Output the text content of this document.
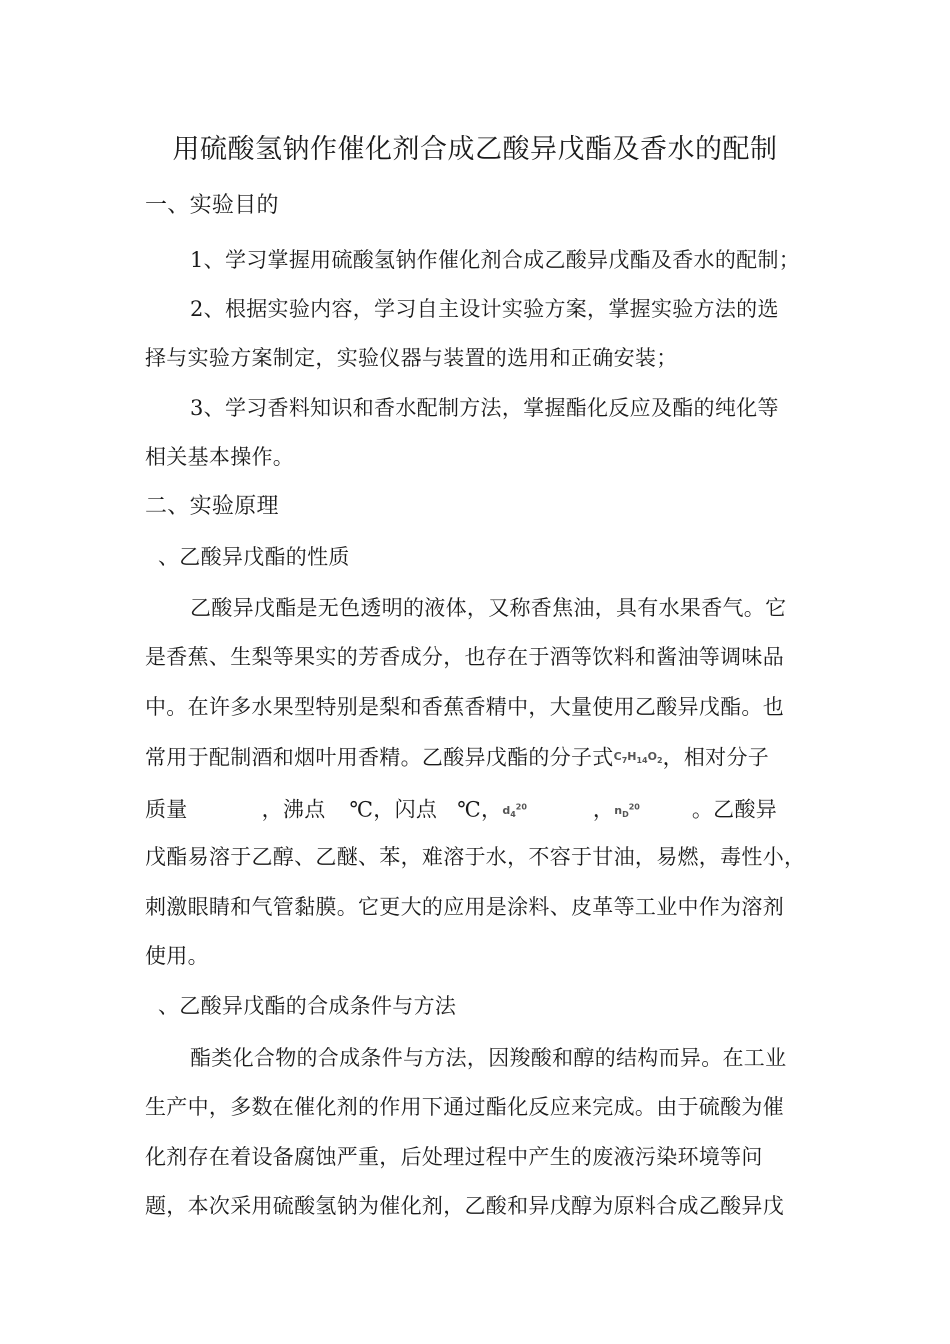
用硫酸氢钠作催化剂合成乙酸异戊酯及香水的配制
一、实验目的
1、学习掌握用硫酸氢钠作催化剂合成乙酸异戊酯及香水的配制；
2、根据实验内容，学习自主设计实验方案，掌握实验方法的选
择与实验方案制定，实验仪器与装置的选用和正确安装；
3、学习香料知识和香水配制方法，掌握酯化反应及酯的纯化等
相关基本操作。
二、实验原理
、乙酸异戊酯的性质
乙酸异戊酯是无色透明的液体，又称香焦油，具有水果香气。它
是香蕉、生梨等果实的芳香成分，也存在于酒等饮料和酱油等调味品
中。在许多水果型特别是梨和香蕉香精中，大量使用乙酸异戊酯。也
常用于配制酒和烟叶用香精。乙酸异戊酯的分子式$C_7H_{14}O_2$，相对分子
质量	，沸点 ℃，闪点 ℃，$d_4^{20}$	，$n_D^{20}$ 。乙酸异
戊酯易溶于乙醇、乙醚、苯，难溶于水，不容于甘油，易燃，毒性小，
刺激眼睛和气管黏膜。它更大的应用是涂料、皮革等工业中作为溶剂
使用。
、乙酸异戊酯的合成条件与方法
酯类化合物的合成条件与方法，因羧酸和醇的结构而异。在工业
生产中，多数在催化剂的作用下通过酯化反应来完成。由于硫酸为催
化剂存在着设备腐蚀严重，后处理过程中产生的废液污染环境等问
题，本次采用硫酸氢钠为催化剂，乙酸和异戊醇为原料合成乙酸异戊
